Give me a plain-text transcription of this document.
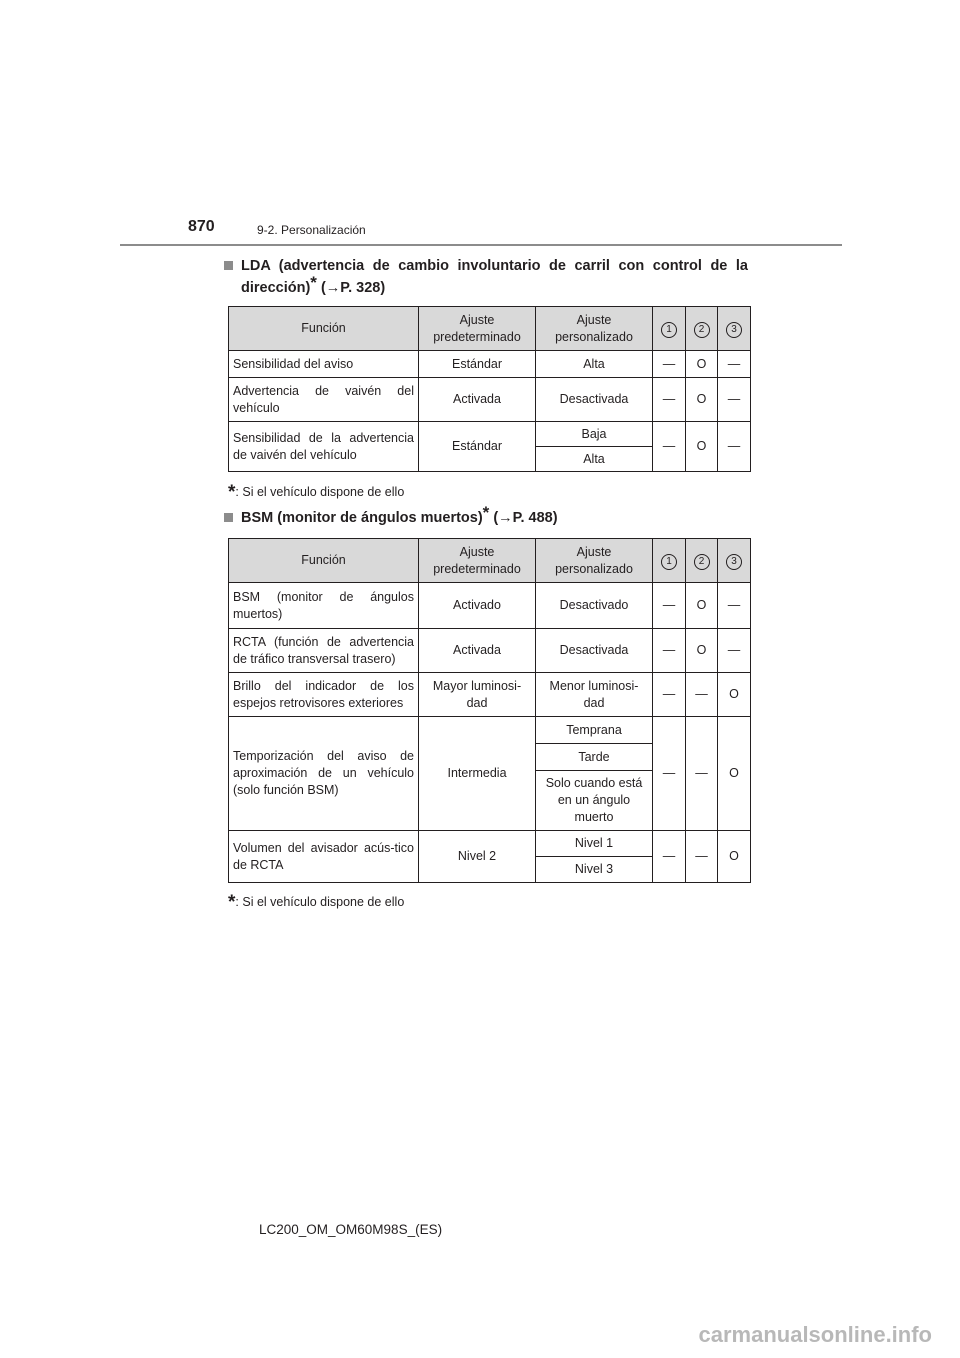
870	9-2. Personalización
LDA (advertencia de cambio involuntario de carril con control de la dirección)* (→P. 328)
Función	Ajuste predeterminado	Ajuste personalizado	1	2	3
Sensibilidad del aviso	Estándar	Alta	—	O	—
Advertencia de vaivén del vehículo	Activada	Desactivada	—	O	—
Sensibilidad de la advertencia de vaivén del vehículo	Estándar	Baja	—	O	—
		Alta			
*: Si el vehículo dispone de ello
BSM (monitor de ángulos muertos)* (→P. 488)
Función	Ajuste predeterminado	Ajuste personalizado	1	2	3
BSM (monitor de ángulos muertos)	Activado	Desactivado	—	O	—
RCTA (función de advertencia de tráfico transversal trasero)	Activada	Desactivada	—	O	—
Brillo del indicador de los espejos retrovisores exteriores	Mayor luminosi-dad	Menor luminosi-dad	—	—	O
Temporización del aviso de aproximación de un vehículo (solo función BSM)	Intermedia	Temprana	—	—	O
		Tarde			
		Solo cuando está en un ángulo muerto			
Volumen del avisador acús-tico de RCTA	Nivel 2	Nivel 1	—	—	O
		Nivel 3			
*: Si el vehículo dispone de ello
LC200_OM_OM60M98S_(ES)
carmanualsonline.info
